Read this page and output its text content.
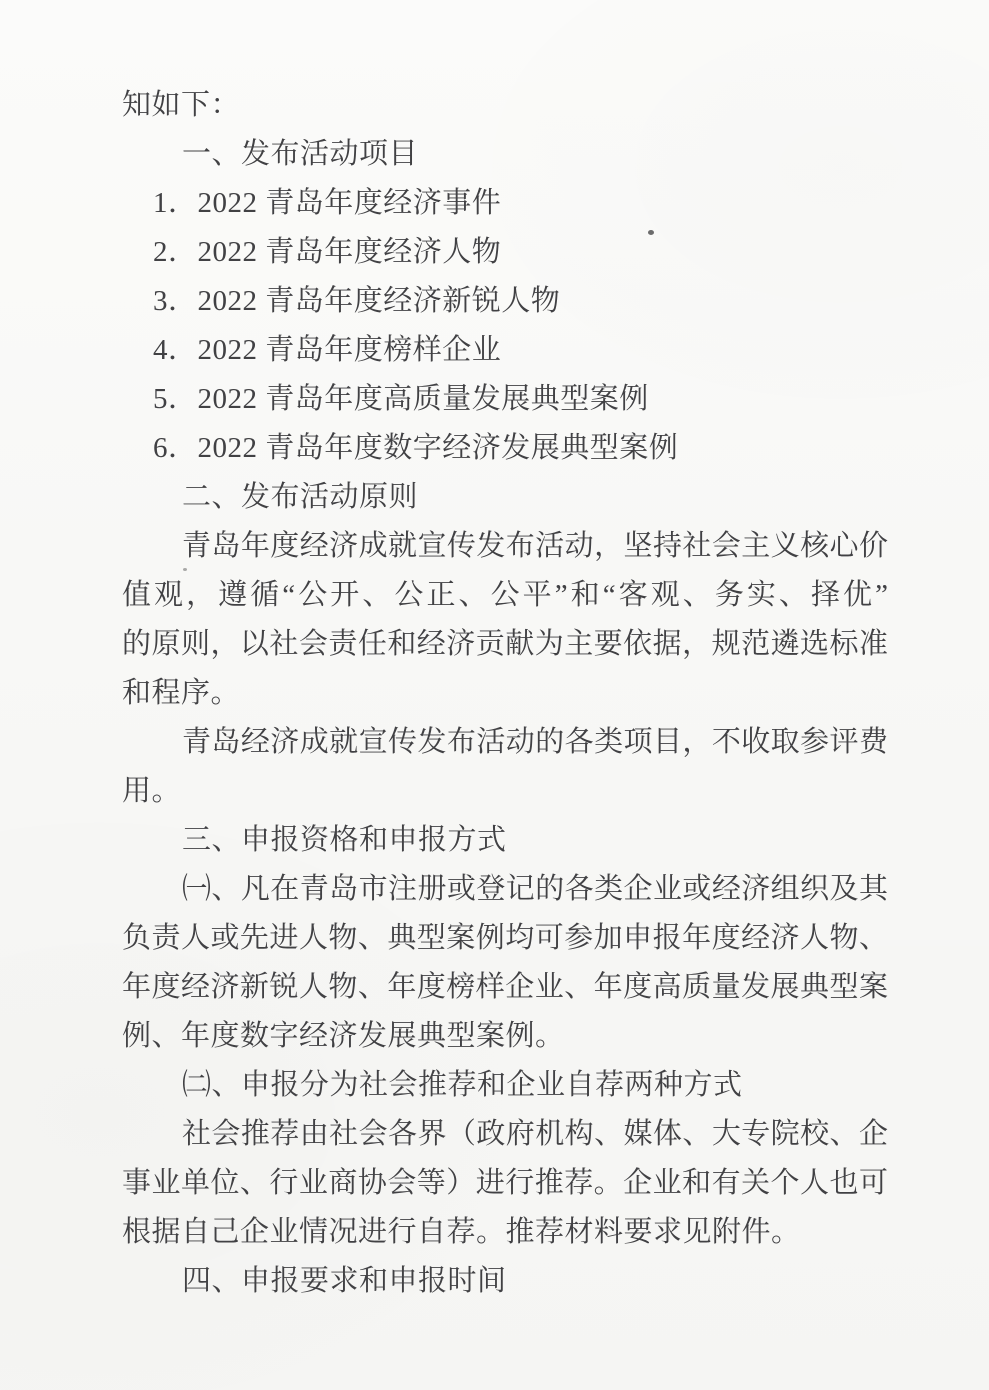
知如下：
一、发布活动项目
1．2022 青岛年度经济事件
2．2022 青岛年度经济人物
3．2022 青岛年度经济新锐人物
4．2022 青岛年度榜样企业
5．2022 青岛年度高质量发展典型案例
6．2022 青岛年度数字经济发展典型案例
二、发布活动原则
青岛年度经济成就宣传发布活动，坚持社会主义核心价
值观，遵循“公开、公正、公平”和“客观、务实、择优”
的原则，以社会责任和经济贡献为主要依据，规范遴选标准
和程序。
青岛经济成就宣传发布活动的各类项目，不收取参评费
用。
三、申报资格和申报方式
㈠、凡在青岛市注册或登记的各类企业或经济组织及其
负责人或先进人物、典型案例均可参加申报年度经济人物、
年度经济新锐人物、年度榜样企业、年度高质量发展典型案
例、年度数字经济发展典型案例。
㈡、申报分为社会推荐和企业自荐两种方式
社会推荐由社会各界（政府机构、媒体、大专院校、企
事业单位、行业商协会等）进行推荐。企业和有关个人也可
根据自己企业情况进行自荐。推荐材料要求见附件。
四、申报要求和申报时间
